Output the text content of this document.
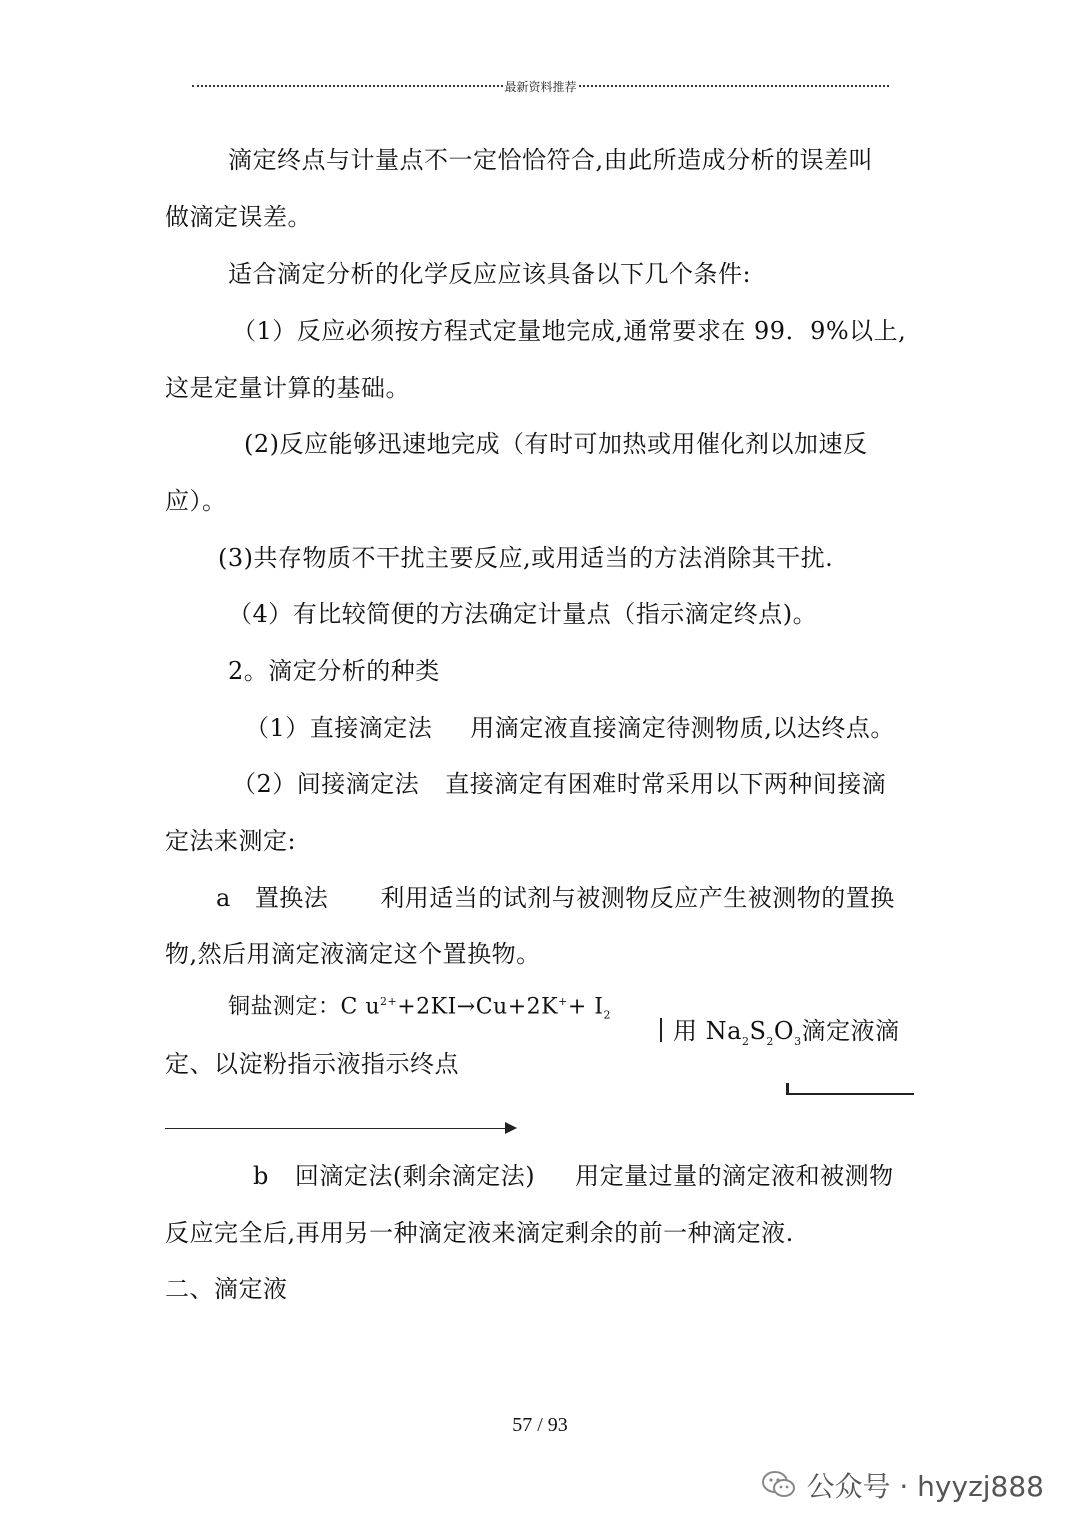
最新资料推荐
滴定终点与计量点不一定恰恰符合,由此所造成分析的误差叫
做滴定误差。
适合滴定分析的化学反应应该具备以下几个条件:
（1）反应必须按方程式定量地完成,通常要求在 99．9%以上,
这是定量计算的基础。
(2)反应能够迅速地完成（有时可加热或用催化剂以加速反
应）。
(3)共存物质不干扰主要反应,或用适当的方法消除其干扰.
（4）有比较简便的方法确定计量点（指示滴定终点)。
2。滴定分析的种类
（1）直接滴定法 用滴定液直接滴定待测物质,以达终点。
（2）间接滴定法 直接滴定有困难时常采用以下两种间接滴
定法来测定:
a 置换法 利用适当的试剂与被测物反应产生被测物的置换
物,然后用滴定液滴定这个置换物。
铜盐测定：C $u^{2+}+2KI\to Cu+2K^++ I_2$
用 $Na_2S_2O_3$滴定液滴
定、以淀粉指示液指示终点
b 回滴定法(剩余滴定法) 用定量过量的滴定液和被测物
反应完全后,再用另一种滴定液来滴定剩余的前一种滴定液.
二、滴定液
57 / 93
公众号 · hyyzj888
